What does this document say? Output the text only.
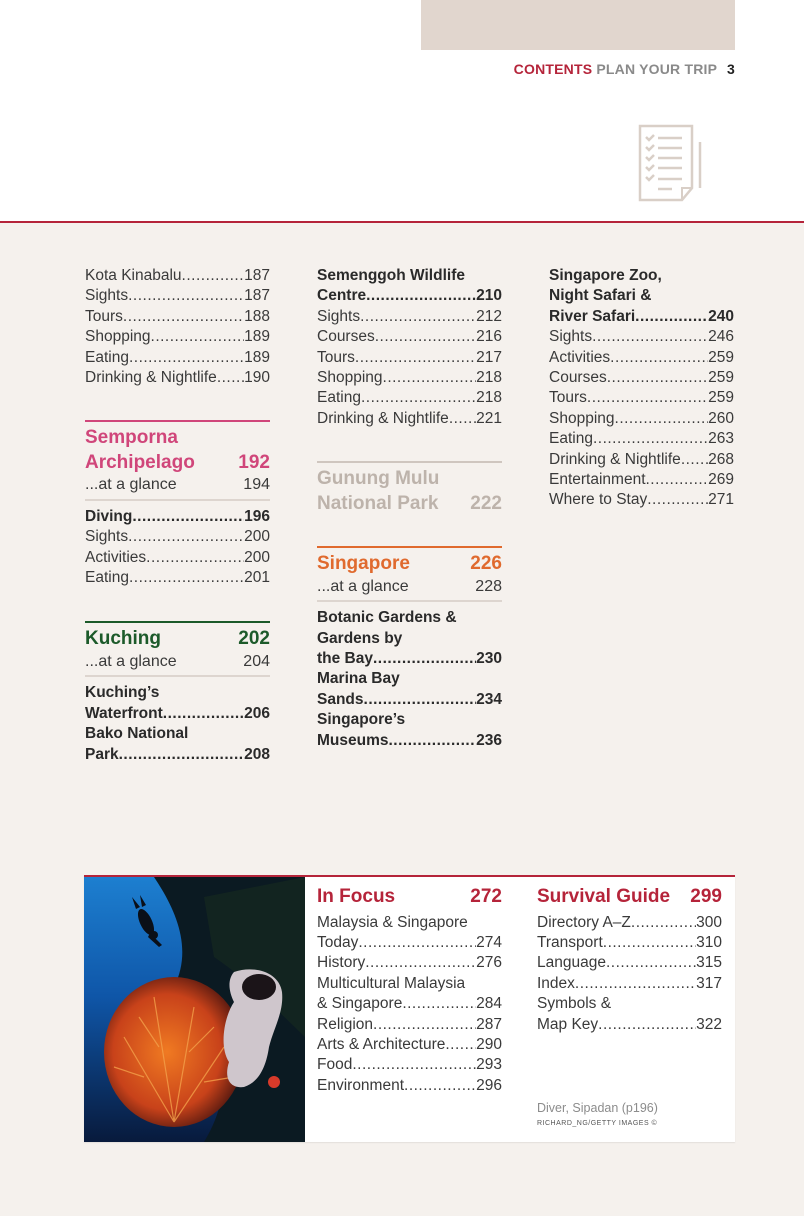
CONTENTS PLAN YOUR TRIP 3
Kota Kinabalu .....	187
Sights .....	187
Tours .....	188
Shopping .....	189
Eating .....	189
Drinking & Nightlife ..... 190
Semporna
Archipelago 192
...at a glance	194
Diving .....	196
Sights .....	200
Activities .....	200
Eating .....	201
Kuching	202
...at a glance	204
Kuching’s
Waterfront .....	206
Bako National
Park .....	208
Semenggoh Wildlife
Centre .....	210
Sights .....	212
Courses .....	216
Tours .....	217
Shopping .....	218
Eating .....	218
Drinking & Nightlife ..... 221
Gunung Mulu
National Park 222
Singapore	226
...at a glance	228
Botanic Gardens &
Gardens by
the Bay .....	230
Marina Bay
Sands .....	234
Singapore’s
Museums .....	236
Singapore Zoo,
Night Safari &
River Safari .....	240
Sights .....	246
Activities .....	259
Courses .....	259
Tours .....	259
Shopping .....	260
Eating .....	263
Drinking & Nightlife ..... 268
Entertainment .....	269
Where to Stay .....	271
In Focus	272
Malaysia & Singapore
Today .....	274
History .....	276
Multicultural Malaysia
& Singapore .....	284
Religion .....	287
Arts & Architecture ..... 290
Food .....	293
Environment .....	296
Survival Guide 299
Directory A–Z .....	300
Transport .....	310
Language .....	315
Index .....	317
Symbols &
Map Key .....	322
Diver, Sipadan (p196)
RICHARD_NG/GETTY IMAGES ©
